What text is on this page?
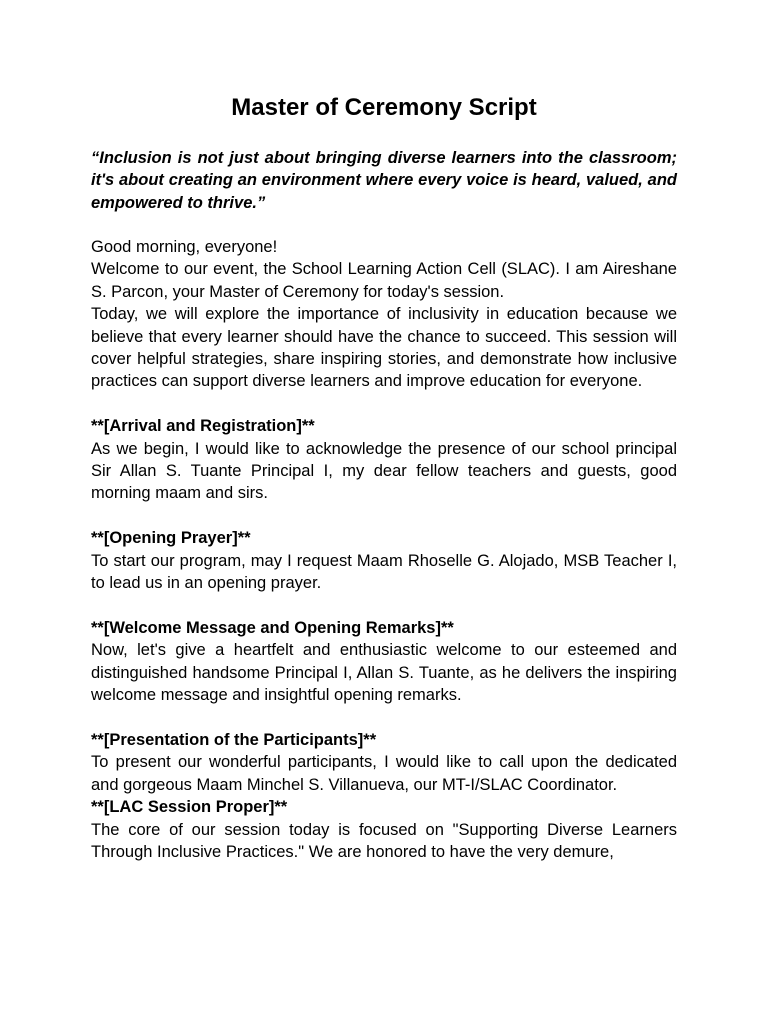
Master of Ceremony Script

“Inclusion is not just about bringing diverse learners into the classroom; it's about creating an environment where every voice is heard, valued, and empowered to thrive.”

Good morning, everyone!

Welcome to our event, the School Learning Action Cell (SLAC). I am Aireshane S. Parcon, your Master of Ceremony for today's session.

Today, we will explore the importance of inclusivity in education because we believe that every learner should have the chance to succeed. This session will cover helpful strategies, share inspiring stories, and demonstrate how inclusive practices can support diverse learners and improve education for everyone.

**[Arrival and Registration]**

As we begin, I would like to acknowledge the presence of our school principal Sir Allan S. Tuante Principal I, my dear fellow teachers and guests, good morning maam and sirs.

**[Opening Prayer]**

To start our program, may I request Maam Rhoselle G. Alojado, MSB Teacher I, to lead us in an opening prayer.

**[Welcome Message and Opening Remarks]**

Now, let's give a heartfelt and enthusiastic welcome to our esteemed and distinguished handsome Principal I, Allan S. Tuante, as he delivers the inspiring welcome message and insightful opening remarks.

**[Presentation of the Participants]**

To present our wonderful participants, I would like to call upon the dedicated and gorgeous Maam Minchel S. Villanueva, our MT-I/SLAC Coordinator.

**[LAC Session Proper]**

The core of our session today is focused on "Supporting Diverse Learners Through Inclusive Practices." We are honored to have the very demure,
